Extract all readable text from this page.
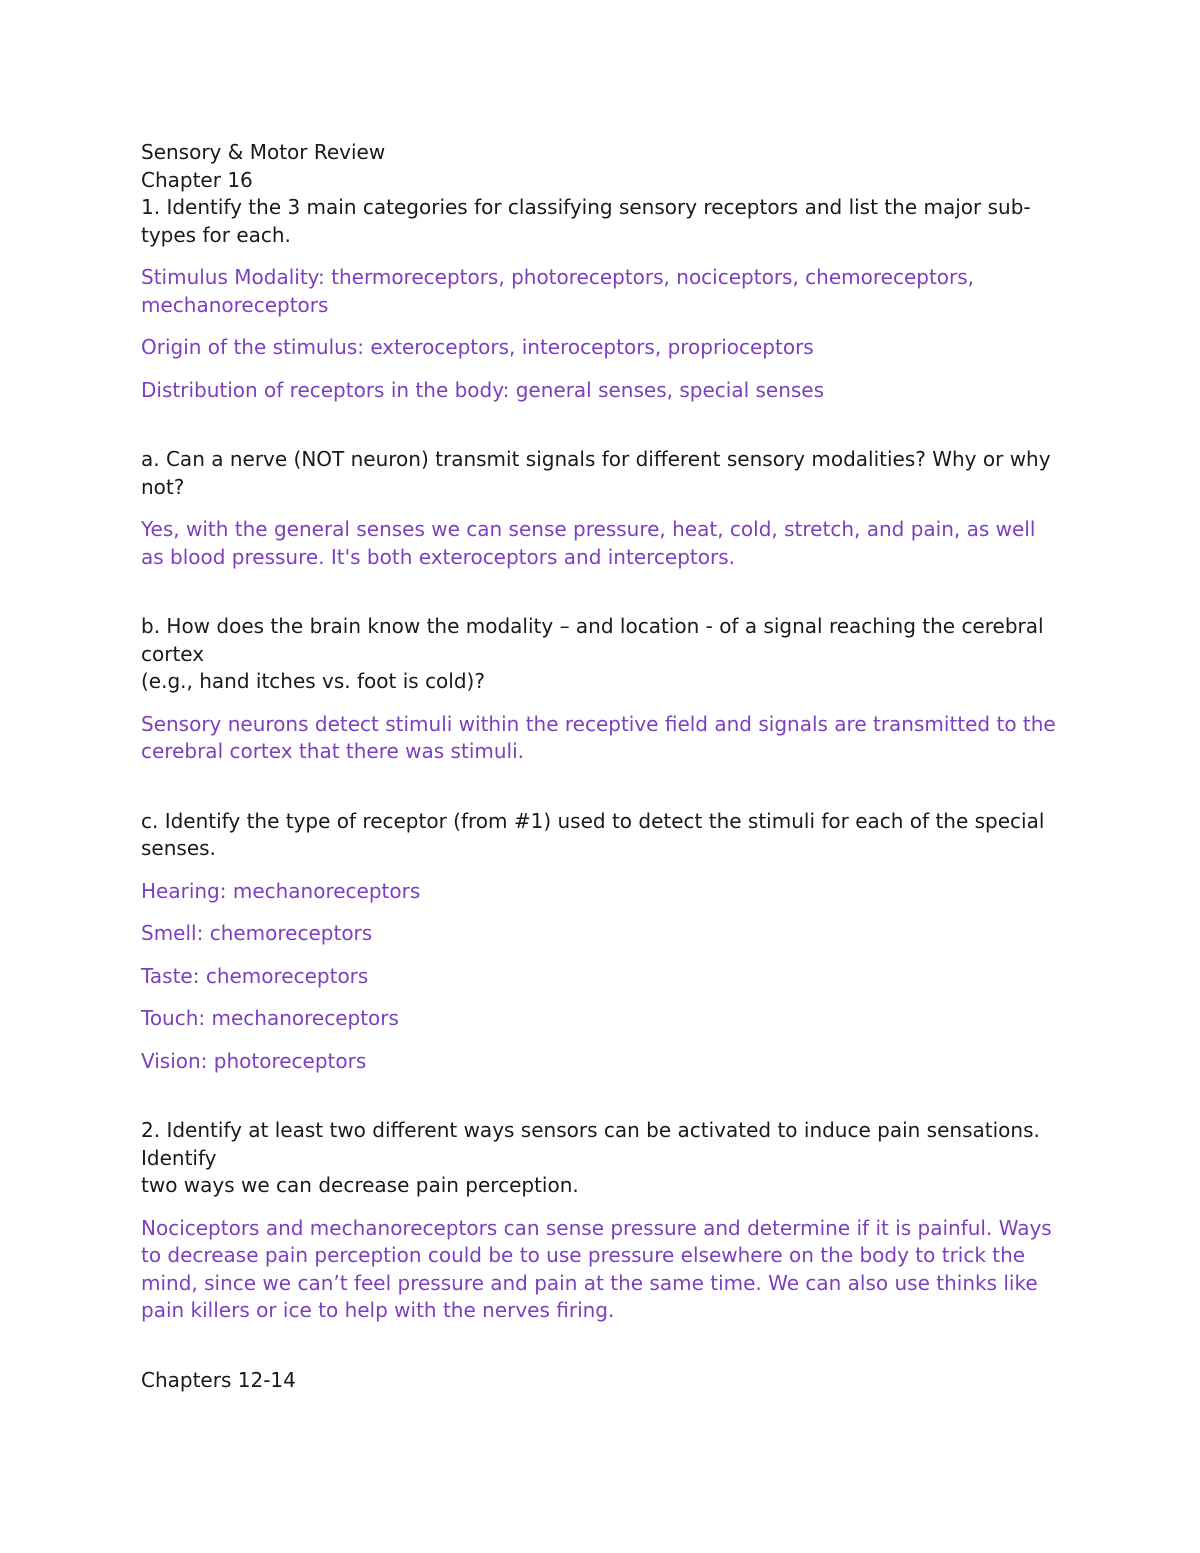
Sensory & Motor Review

Chapter 16

1. Identify the 3 main categories for classifying sensory receptors and list the major sub-types for each.

Stimulus Modality: thermoreceptors, photoreceptors, nociceptors, chemoreceptors, mechanoreceptors

Origin of the stimulus: exteroceptors, interoceptors, proprioceptors

Distribution of receptors in the body: general senses, special senses

a. Can a nerve (NOT neuron) transmit signals for different sensory modalities? Why or why not?

Yes, with the general senses we can sense pressure, heat, cold, stretch, and pain, as well as blood pressure. It's both exteroceptors and interceptors.

b. How does the brain know the modality – and location - of a signal reaching the cerebral cortex

(e.g., hand itches vs. foot is cold)?

Sensory neurons detect stimuli within the receptive field and signals are transmitted to the cerebral cortex that there was stimuli.

c. Identify the type of receptor (from #1) used to detect the stimuli for each of the special senses.

Hearing: mechanoreceptors

Smell: chemoreceptors

Taste: chemoreceptors

Touch: mechanoreceptors

Vision: photoreceptors

2. Identify at least two different ways sensors can be activated to induce pain sensations. Identify

two ways we can decrease pain perception.

Nociceptors and mechanoreceptors can sense pressure and determine if it is painful. Ways to decrease pain perception could be to use pressure elsewhere on the body to trick the mind, since we can’t feel pressure and pain at the same time. We can also use thinks like pain killers or ice to help with the nerves firing.

Chapters 12-14
